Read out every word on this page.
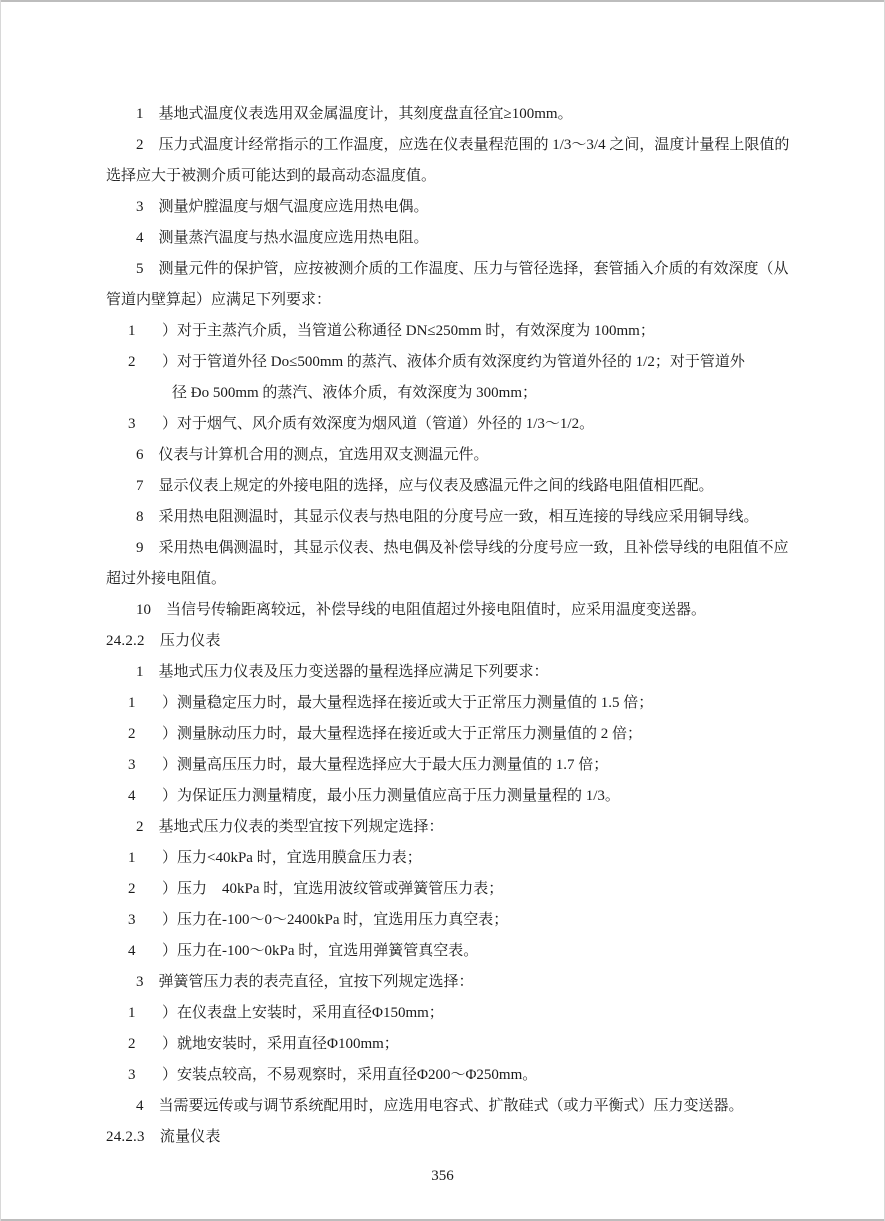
1　基地式温度仪表选用双金属温度计，其刻度盘直径宜≥100mm。

2　压力式温度计经常指示的工作温度，应选在仪表量程范围的 1/3～3/4 之间，温度计量程上限值的选择应大于被测介质可能达到的最高动态温度值。

3　测量炉膛温度与烟气温度应选用热电偶。

4　测量蒸汽温度与热水温度应选用热电阻。

5　测量元件的保护管，应按被测介质的工作温度、压力与管径选择，套管插入介质的有效深度（从管道内壁算起）应满足下列要求：

1	）对于主蒸汽介质，当管道公称通径 DN≤250mm 时，有效深度为 100mm；
2	）对于管道外径 Do≤500mm 的蒸汽、液体介质有效深度约为管道外径的 1/2；对于管道外
径 Ðo 500mm 的蒸汽、液体介质，有效深度为 300mm；
3	）对于烟气、风介质有效深度为烟风道（管道）外径的 1/3～1/2。

6　仪表与计算机合用的测点，宜选用双支测温元件。

7　显示仪表上规定的外接电阻的选择，应与仪表及感温元件之间的线路电阻值相匹配。

8　采用热电阻测温时，其显示仪表与热电阻的分度号应一致，相互连接的导线应采用铜导线。

9　采用热电偶测温时，其显示仪表、热电偶及补偿导线的分度号应一致，且补偿导线的电阻值不应超过外接电阻值。

10　当信号传输距离较远，补偿导线的电阻值超过外接电阻值时，应采用温度变送器。

24.2.2　压力仪表

1　基地式压力仪表及压力变送器的量程选择应满足下列要求：

1	）测量稳定压力时，最大量程选择在接近或大于正常压力测量值的 1.5 倍；
2	）测量脉动压力时，最大量程选择在接近或大于正常压力测量值的 2 倍；
3	）测量高压压力时，最大量程选择应大于最大压力测量值的 1.7 倍；
4	）为保证压力测量精度，最小压力测量值应高于压力测量量程的 1/3。

2　基地式压力仪表的类型宜按下列规定选择：

1	）压力<40kPa 时，宜选用膜盒压力表；
2	）压力　40kPa 时，宜选用波纹管或弹簧管压力表；
3	）压力在-100～0～2400kPa 时，宜选用压力真空表；
4	）压力在-100～0kPa 时，宜选用弹簧管真空表。

3　弹簧管压力表的表壳直径，宜按下列规定选择：

1	）在仪表盘上安装时，采用直径Φ150mm；
2	）就地安装时，采用直径Φ100mm；
3	）安装点较高，不易观察时，采用直径Φ200～Φ250mm。

4　当需要远传或与调节系统配用时，应选用电容式、扩散硅式（或力平衡式）压力变送器。

24.2.3　流量仪表

356
